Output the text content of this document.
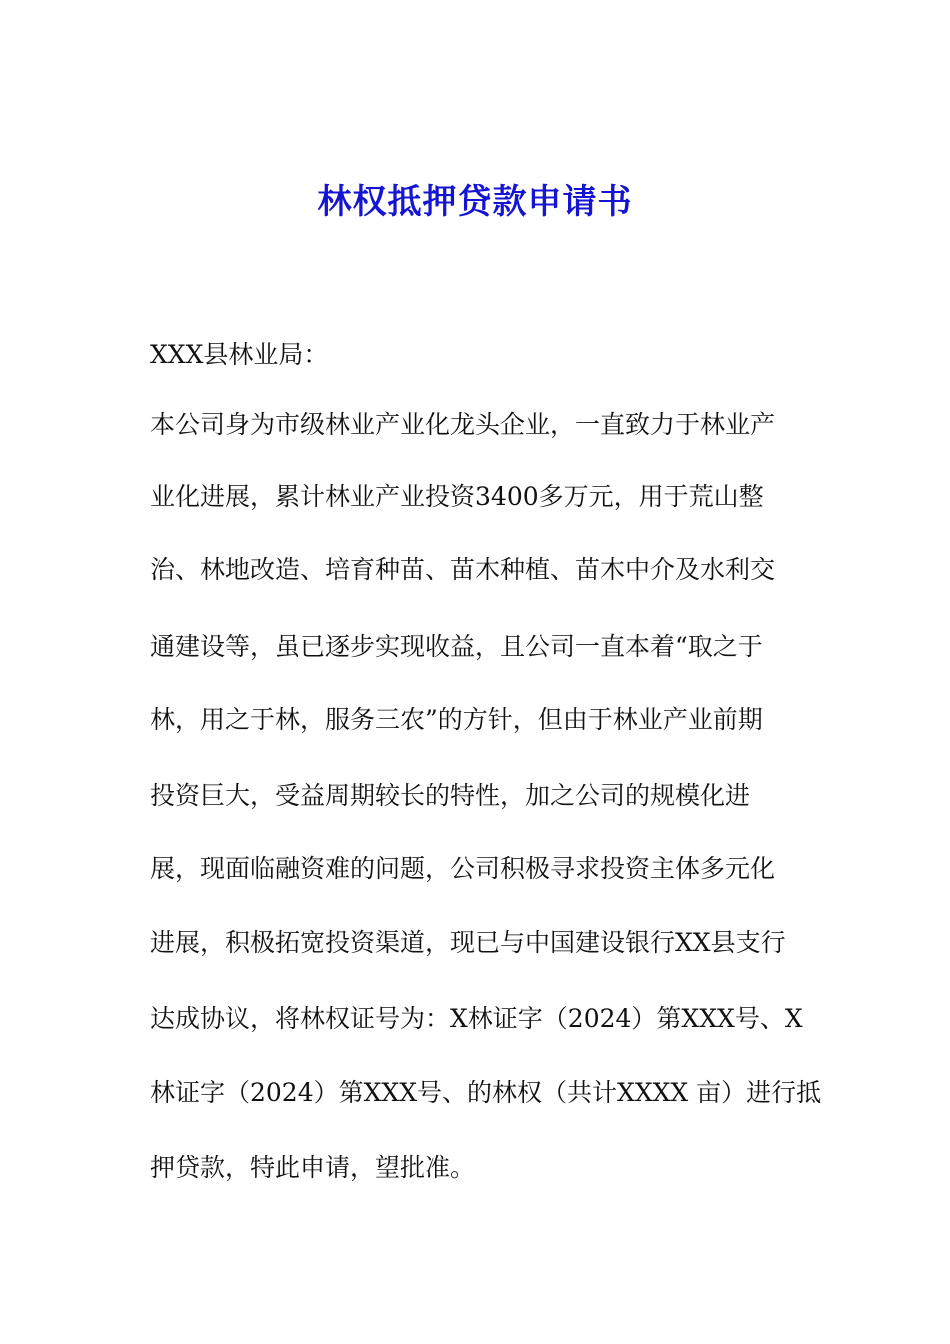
林权抵押贷款申请书

XXX县林业局：

本公司身为市级林业产业化龙头企业，一直致力于林业产

业化进展，累计林业产业投资3400多万元，用于荒山整

治、林地改造、培育种苗、苗木种植、苗木中介及水利交

通建设等，虽已逐步实现收益，且公司一直本着“取之于

林，用之于林，服务三农”的方针，但由于林业产业前期

投资巨大，受益周期较长的特性，加之公司的规模化进

展，现面临融资难的问题，公司积极寻求投资主体多元化

进展，积极拓宽投资渠道，现已与中国建设银行XX县支行

达成协议，将林权证号为：X林证字（2024）第XXX号、X

林证字（2024）第XXX号、的林权（共计XXXX 亩）进行抵

押贷款，特此申请，望批准。
